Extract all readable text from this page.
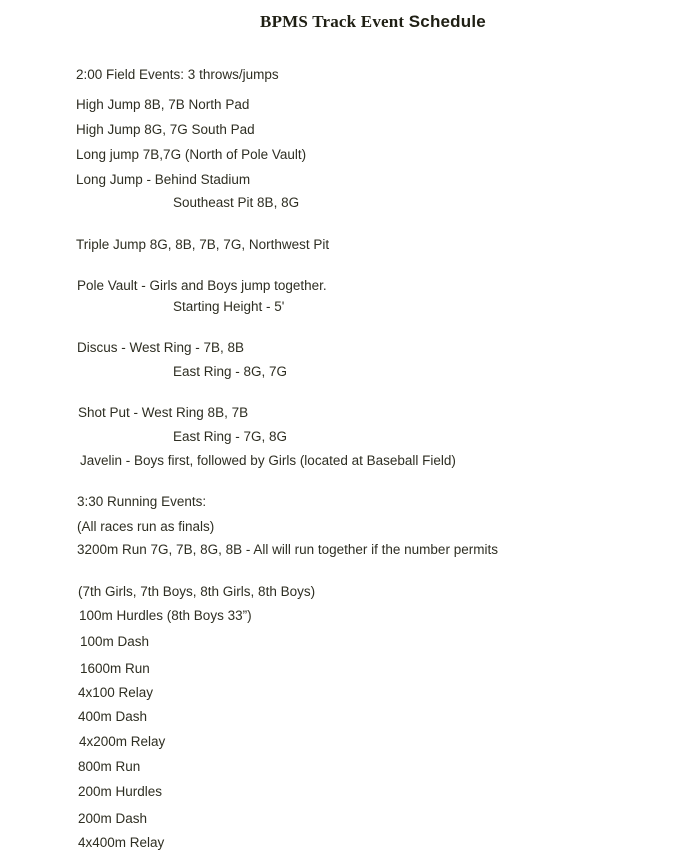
BPMS Track Event Schedule
2:00 Field Events: 3 throws/jumps
High Jump 8B, 7B North Pad
High Jump 8G, 7G South Pad
Long jump 7B,7G (North of Pole Vault)
Long Jump - Behind Stadium
Southeast Pit 8B, 8G
Triple Jump 8G, 8B, 7B, 7G, Northwest Pit
Pole Vault - Girls and Boys jump together.
Starting Height - 5'
Discus - West Ring - 7B, 8B
East Ring - 8G, 7G
Shot Put - West Ring 8B, 7B
East Ring - 7G, 8G
Javelin - Boys first, followed by Girls (located at Baseball Field)
3:30 Running Events:
(All races run as finals)
3200m Run 7G, 7B, 8G, 8B - All will run together if the number permits
(7th Girls, 7th Boys, 8th Girls, 8th Boys)
100m Hurdles (8th Boys 33”)
100m Dash
1600m Run
4x100 Relay
400m Dash
4x200m Relay
800m Run
200m Hurdles
200m Dash
4x400m Relay
